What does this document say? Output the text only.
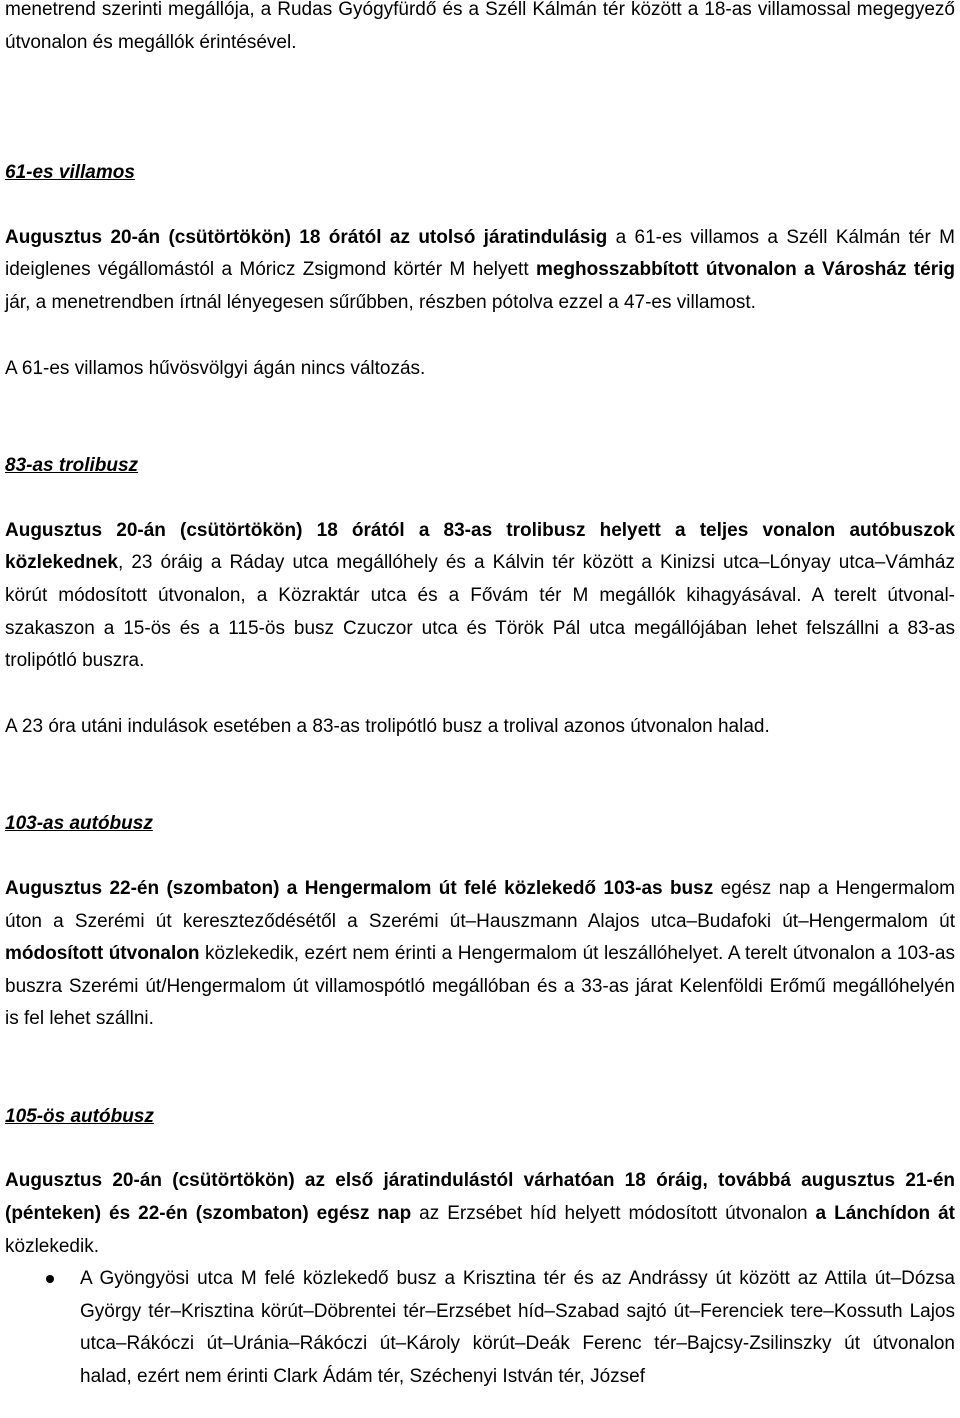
menetrend szerinti megállója, a Rudas Gyógyfürdő és a Széll Kálmán tér között a 18-as villamossal megegyező útvonalon és megállók érintésével.

61-es villamos

Augusztus 20-án (csütörtökön) 18 órától az utolsó járatindulásig a 61-es villamos a Széll Kálmán tér M ideiglenes végállomástól a Móricz Zsigmond körtér M helyett meghosszabbított útvonalon a Városház térig jár, a menetrendben írtnál lényegesen sűrűbben, részben pótolva ezzel a 47-es villamost.

A 61-es villamos hűvösvölgyi ágán nincs változás.

83-as trolibusz

Augusztus 20-án (csütörtökön) 18 órától a 83-as trolibusz helyett a teljes vonalon autóbuszok közlekednek, 23 óráig a Ráday utca megállóhely és a Kálvin tér között a Kinizsi utca–Lónyay utca–Vámház körút módosított útvonalon, a Közraktár utca és a Fővám tér M megállók kihagyásával. A terelt útvonal-szakaszon a 15-ös és a 115-ös busz Czuczor utca és Török Pál utca megállójában lehet felszállni a 83-as trolipótló buszra.

A 23 óra utáni indulások esetében a 83-as trolipótló busz a trolival azonos útvonalon halad.

103-as autóbusz

Augusztus 22-én (szombaton) a Hengermalom út felé közlekedő 103-as busz egész nap a Hengermalom úton a Szerémi út kereszteződésétől a Szerémi út–Hauszmann Alajos utca–Budafoki út–Hengermalom út módosított útvonalon közlekedik, ezért nem érinti a Hengermalom út leszállóhelyet. A terelt útvonalon a 103-as buszra Szerémi út/Hengermalom út villamospótló megállóban és a 33-as járat Kelenföldi Erőmű megállóhelyén is fel lehet szállni.

105-ös autóbusz

Augusztus 20-án (csütörtökön) az első járatindulástól várhatóan 18 óráig, továbbá augusztus 21-én (pénteken) és 22-én (szombaton) egész nap az Erzsébet híd helyett módosított útvonalon a Lánchídon át közlekedik.

A Gyöngyösi utca M felé közlekedő busz a Krisztina tér és az Andrássy út között az Attila út–Dózsa György tér–Krisztina körút–Döbrentei tér–Erzsébet híd–Szabad sajtó út–Ferenciek tere–Kossuth Lajos utca–Rákóczi út–Uránia–Rákóczi út–Károly körút–Deák Ferenc tér–Bajcsy-Zsilinszky út útvonalon halad, ezért nem érinti Clark Ádám tér, Széchenyi István tér, József
